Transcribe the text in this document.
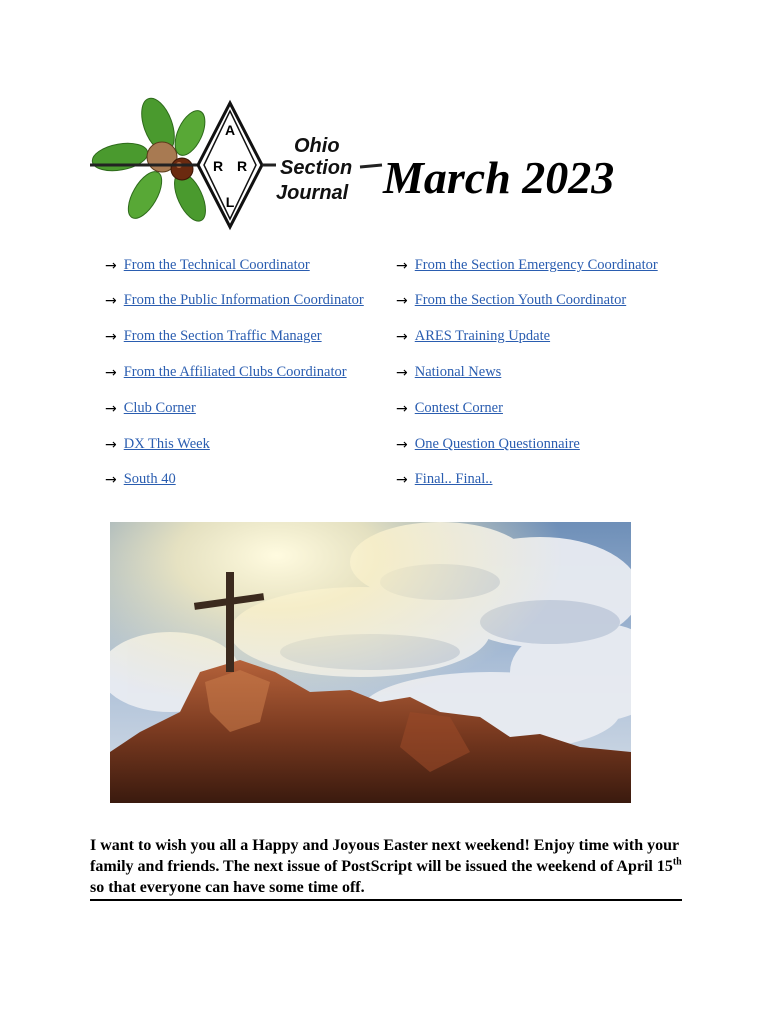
A
R R
L
Ohio
Section
Journal March 2023
→ From the Technical Coordinator
→ From the Public Information Coordinator
→ From the Section Traffic Manager
→ From the Affiliated Clubs Coordinator
→ Club Corner
→ DX This Week
→ South 40
→ From the Section Emergency Coordinator
→ From the Section Youth Coordinator
→ ARES Training Update
→ National News
→ Contest Corner
→ One Question Questionnaire
→ Final.. Final..
I want to wish you all a Happy and Joyous Easter next weekend! Enjoy time with your family and friends. The next issue of PostScript will be issued the weekend of April 15th so that everyone can have some time off.
